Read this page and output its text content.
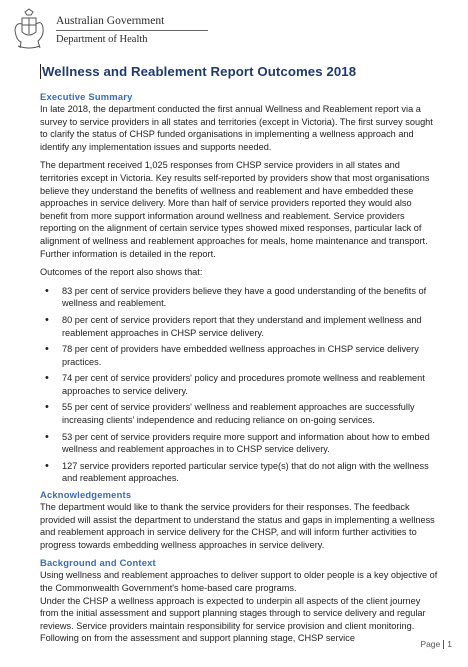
Australian Government
Department of Health
Wellness and Reablement Report Outcomes 2018
Executive Summary

In late 2018, the department conducted the first annual Wellness and Reablement report via a survey to service providers in all states and territories (except in Victoria). The first survey sought to clarify the status of CHSP funded organisations in implementing a wellness approach and identify any implementation issues and supports needed.

The department received 1,025 responses from CHSP service providers in all states and territories except in Victoria. Key results self-reported by providers show that most organisations believe they understand the benefits of wellness and reablement and have embedded these approaches in service delivery. More than half of service providers reported they would also benefit from more support information around wellness and reablement. Service providers reporting on the alignment of certain service types showed mixed responses, particular lack of alignment of wellness and reablement approaches for meals, home maintenance and transport. Further information is detailed in the report.

Outcomes of the report also shows that:

• 83 per cent of service providers believe they have a good understanding of the benefits of wellness and reablement.
• 80 per cent of service providers report that they understand and implement wellness and reablement approaches in CHSP service delivery.
• 78 per cent of providers have embedded wellness approaches in CHSP service delivery practices.
• 74 per cent of service providers' policy and procedures promote wellness and reablement approaches to service delivery.
• 55 per cent of service providers' wellness and reablement approaches are successfully increasing clients' independence and reducing reliance on on-going services.
• 53 per cent of service providers require more support and information about how to embed wellness and reablement approaches in to CHSP service delivery.
• 127 service providers reported particular service type(s) that do not align with the wellness and reablement approaches.
Acknowledgements

The department would like to thank the service providers for their responses. The feedback provided will assist the department to understand the status and gaps in implementing a wellness and reablement approach in service delivery for the CHSP, and will inform further activities to progress towards embedding wellness approaches in service delivery.

Background and Context

Using wellness and reablement approaches to deliver support to older people is a key objective of the Commonwealth Government's home-based care programs.

Under the CHSP a wellness approach is expected to underpin all aspects of the client journey from the initial assessment and support planning stages through to service delivery and regular reviews. Service providers maintain responsibility for service provision and client monitoring. Following on from the assessment and support planning stage, CHSP service

Page 1
